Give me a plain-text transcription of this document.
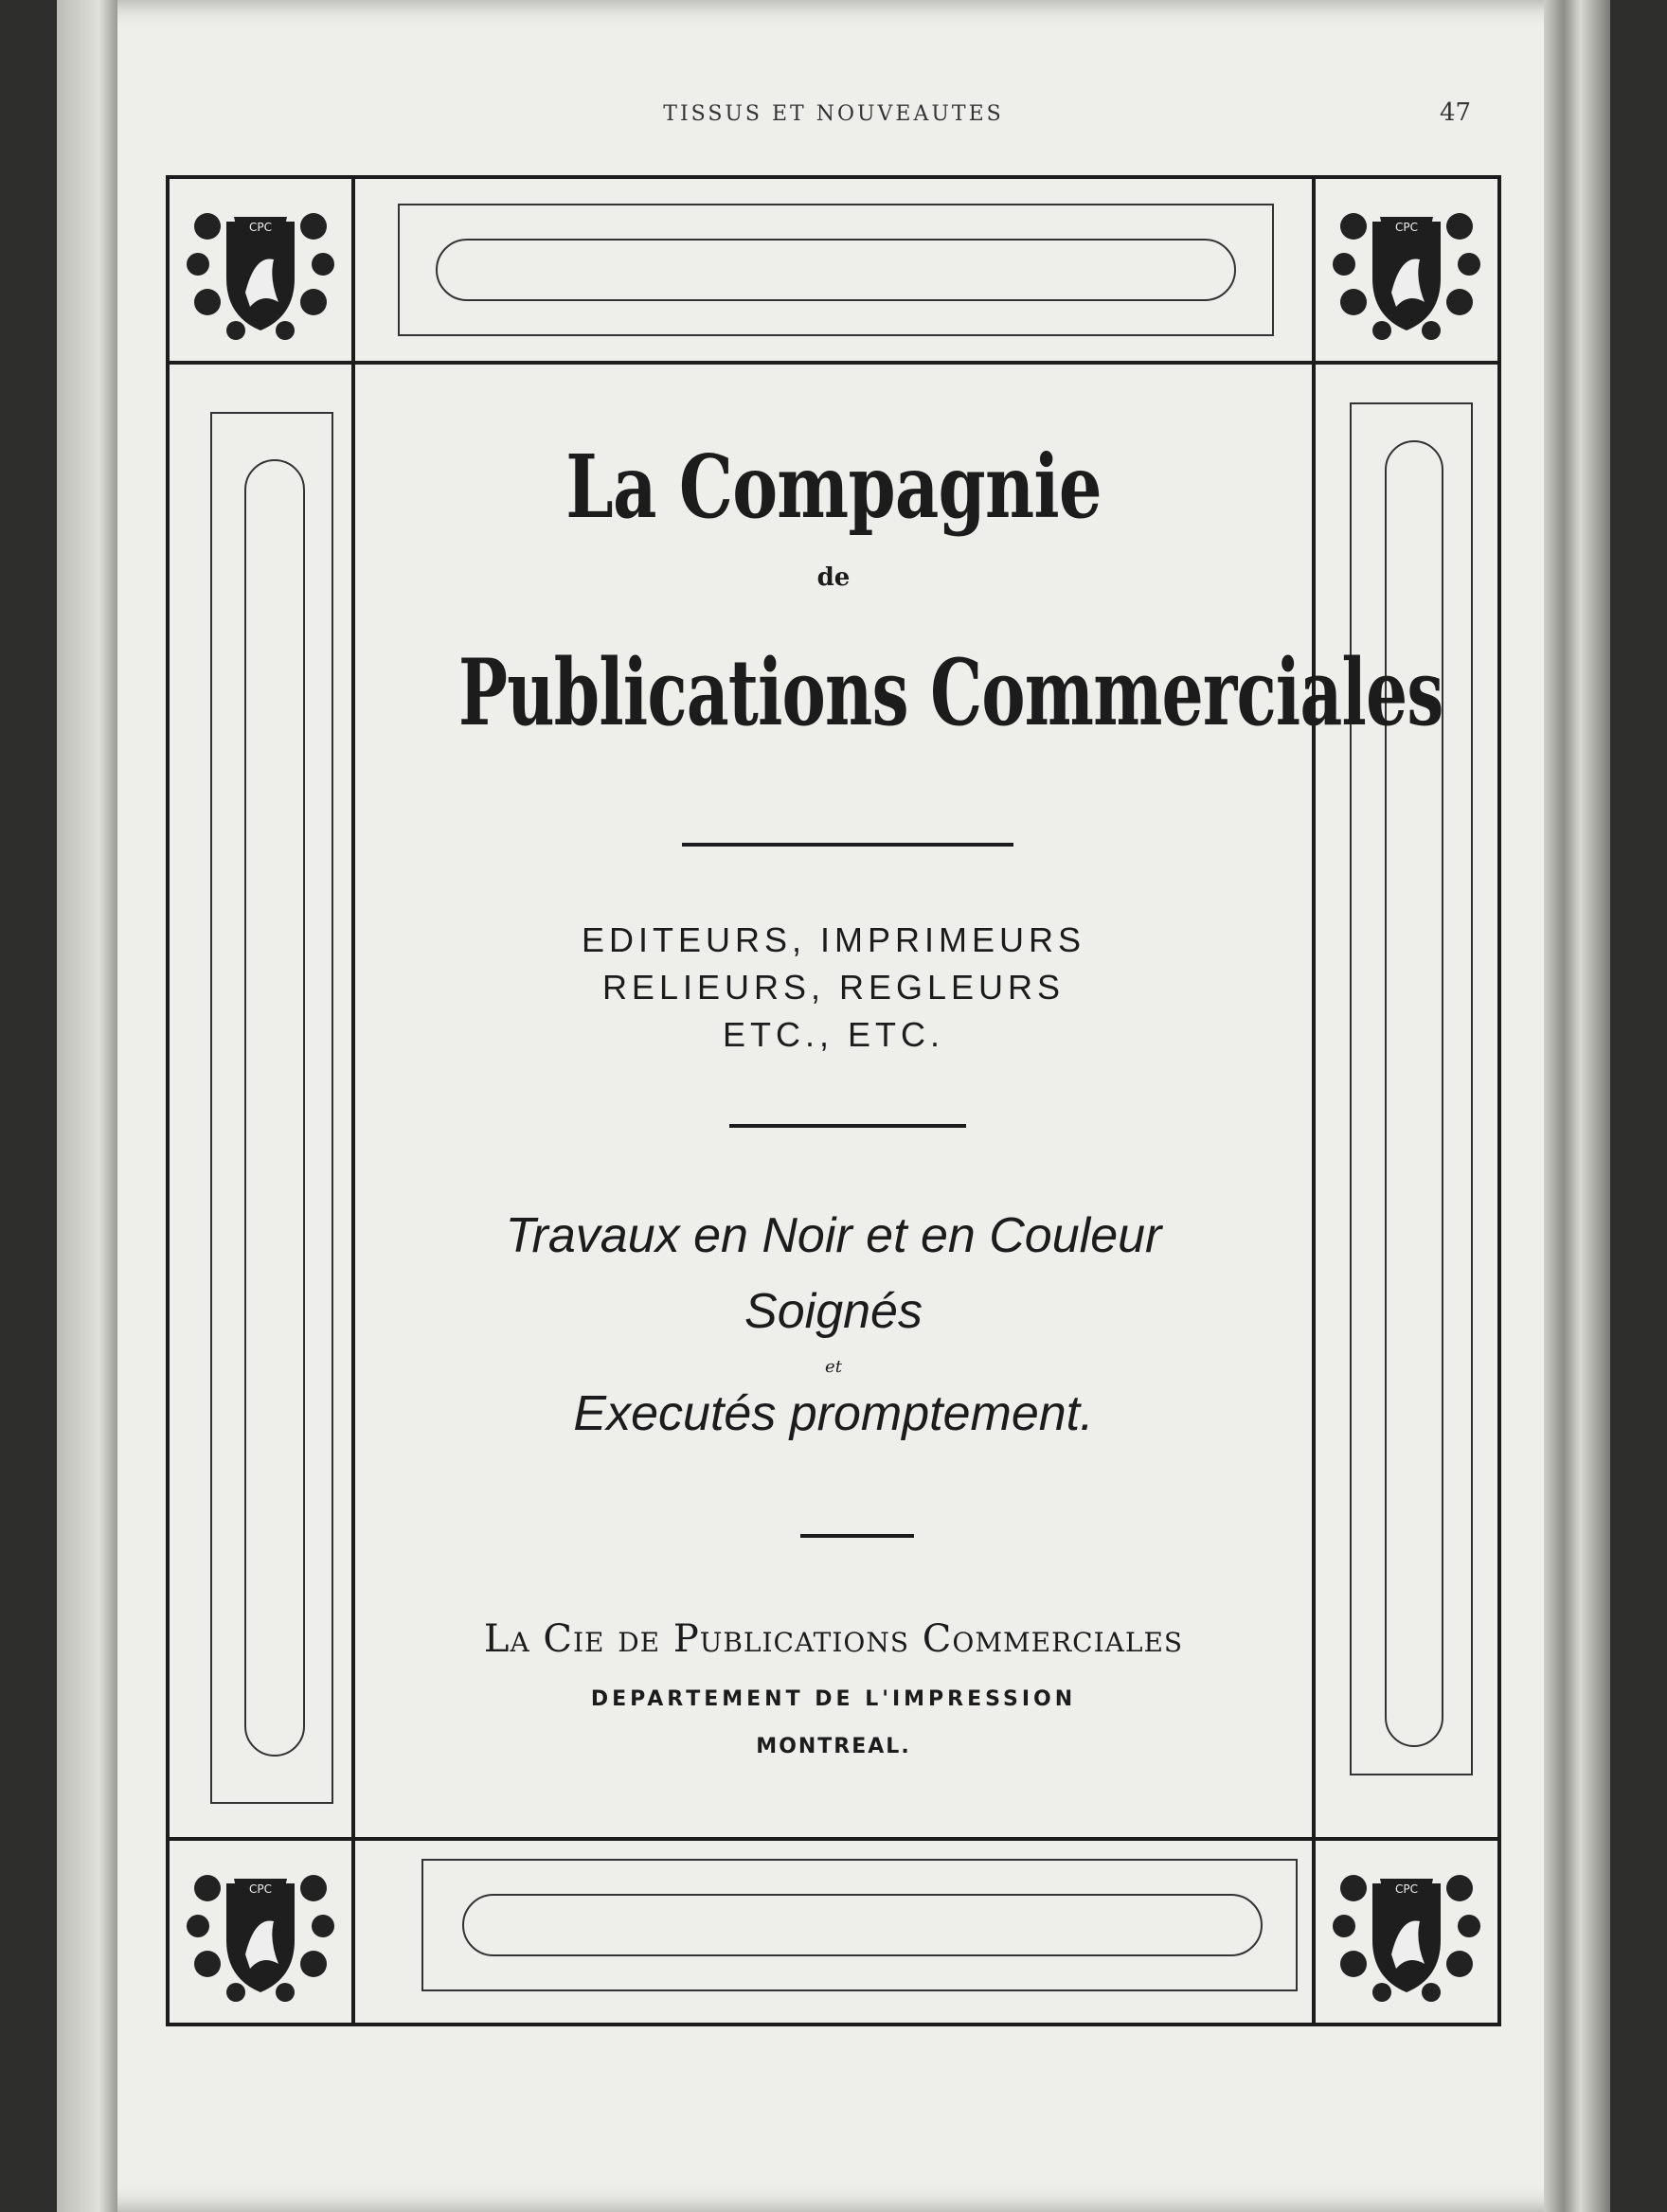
TISSUS ET NOUVEAUTES	47
CPC	CPC
CPC	CPC
La Compagnie
de
Publications Commerciales
EDITEURS, IMPRIMEURS
RELIEURS, REGLEURS
ETC., ETC.
Travaux en Noir et en Couleur
Soignés
et
Executés promptement.
La Cie de Publications Commerciales
DEPARTEMENT DE L'IMPRESSION
MONTREAL.
